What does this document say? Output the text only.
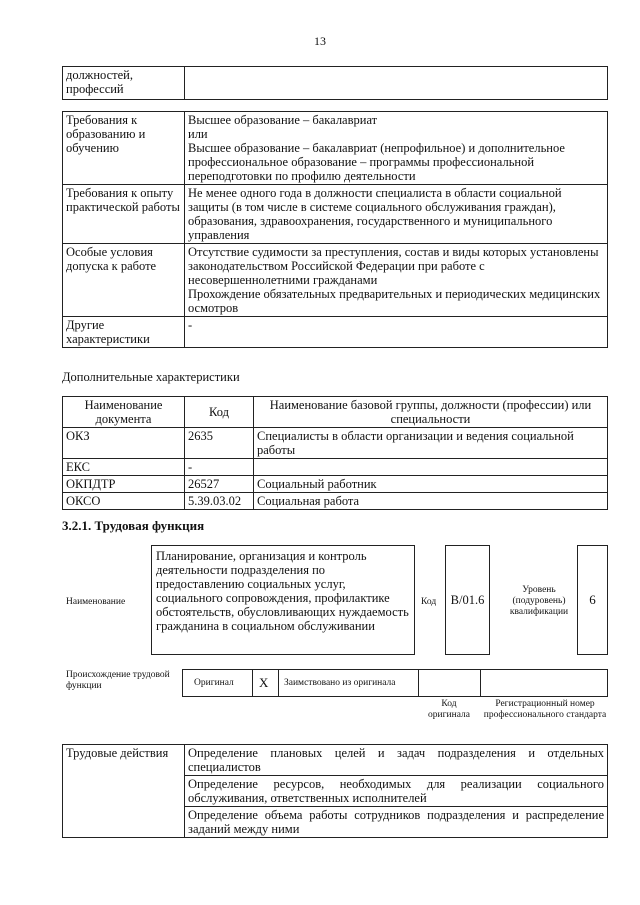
13
должностей,
профессий	
Требования к образованию и обучению	Высшее образование – бакалавриат
или
Высшее образование – бакалавриат (непрофильное) и дополнительное профессиональное образование – программы профессиональной переподготовки по профилю деятельности

Требования к опыту практической работы	Не менее одного года в должности специалиста в области социальной защиты (в том числе в системе социального обслуживания граждан), образования, здравоохранения, государственного и муниципального управления

Особые условия допуска к работе	Отсутствие судимости за преступления, состав и виды которых установлены законодательством Российской Федерации при работе с несовершеннолетними гражданами
Прохождение обязательных предварительных и периодических медицинских осмотров

Другие характеристики	-
Дополнительные характеристики
Наименование документа	Код	Наименование базовой группы, должности (профессии) или специальности
ОКЗ	2635	Специалисты в области организации и ведения социальной работы
ЕКС	-	
ОКПДТР	26527	Социальный работник
ОКСО	5.39.03.02	Социальная работа
3.2.1. Трудовая функция
Наименование
Планирование, организация и контроль деятельности подразделения по предоставлению социальных услуг, социального сопровождения, профилактике обстоятельств, обусловливающих нуждаемость гражданина в социальном обслуживании
Код B/01.6
Уровень (подуровень) квалификации
6
Происхождение трудовой функции	Оригинал X Заимствовано из оригинала
Код оригинала
Регистрационный номер профессионального стандарта
Трудовые действия	Определение плановых целей и задач подразделения и отдельных специалистов
Определение ресурсов, необходимых для реализации социального обслуживания, ответственных исполнителей
Определение объема работы сотрудников подразделения и распределение заданий между ними
